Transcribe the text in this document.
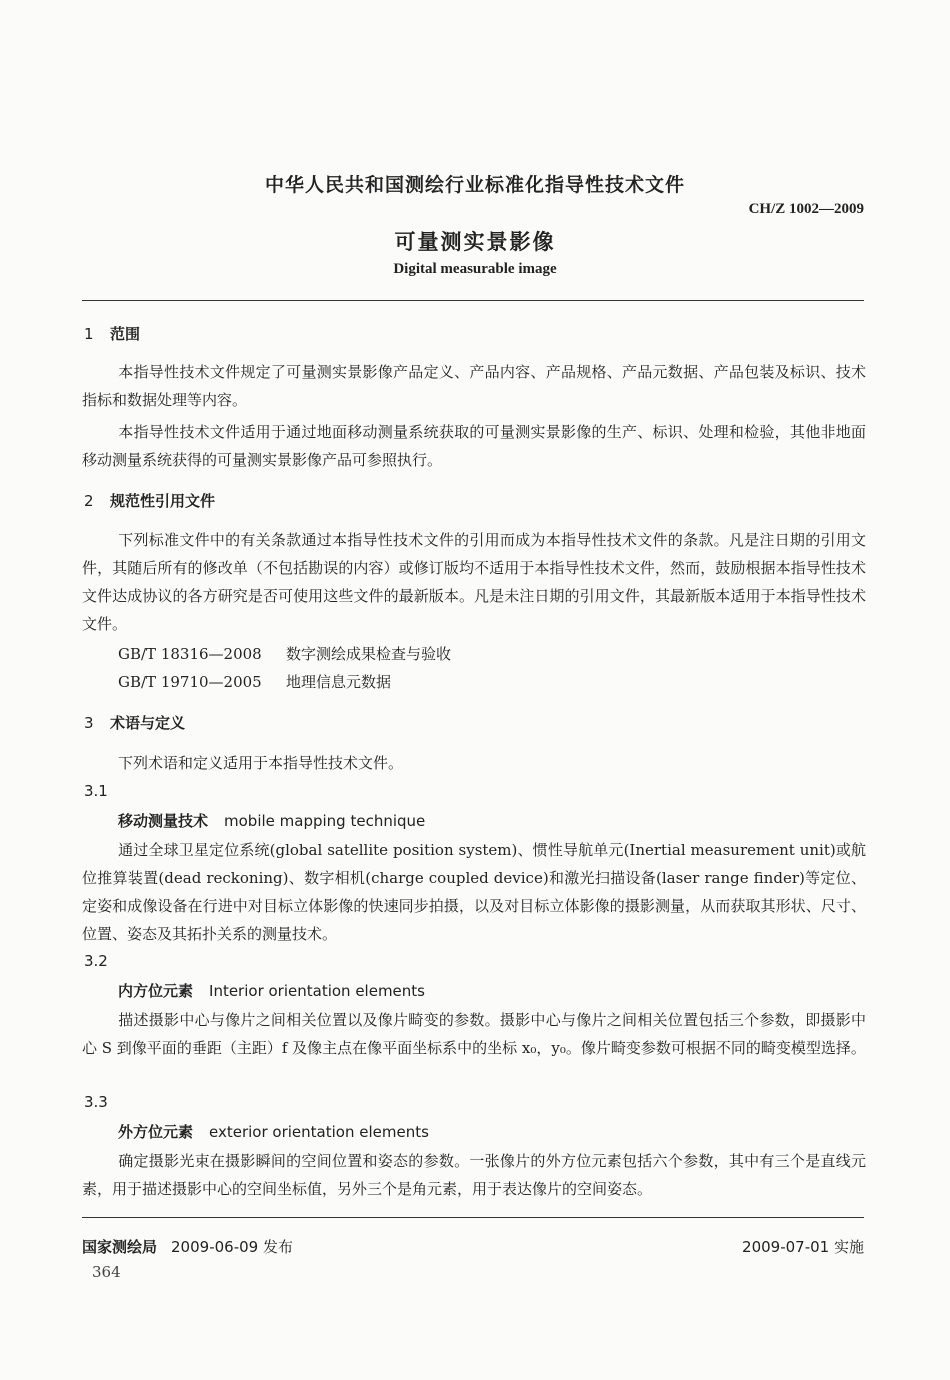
中华人民共和国测绘行业标准化指导性技术文件
CH/Z 1002—2009
可量测实景影像
Digital measurable image
1 范围
本指导性技术文件规定了可量测实景影像产品定义、产品内容、产品规格、产品元数据、产品包装及标识、技术指标和数据处理等内容。
本指导性技术文件适用于通过地面移动测量系统获取的可量测实景影像的生产、标识、处理和检验，其他非地面移动测量系统获得的可量测实景影像产品可参照执行。
2 规范性引用文件
下列标准文件中的有关条款通过本指导性技术文件的引用而成为本指导性技术文件的条款。凡是注日期的引用文件，其随后所有的修改单（不包括勘误的内容）或修订版均不适用于本指导性技术文件，然而，鼓励根据本指导性技术文件达成协议的各方研究是否可使用这些文件的最新版本。凡是未注日期的引用文件，其最新版本适用于本指导性技术文件。
GB/T 18316—2008 数字测绘成果检查与验收
GB/T 19710—2005 地理信息元数据
3 术语与定义
下列术语和定义适用于本指导性技术文件。
3.1
移动测量技术 mobile mapping technique
通过全球卫星定位系统(global satellite position system)、惯性导航单元(Inertial measurement unit)或航位推算装置(dead reckoning)、数字相机(charge coupled device)和激光扫描设备(laser range finder)等定位、定姿和成像设备在行进中对目标立体影像的快速同步拍摄，以及对目标立体影像的摄影测量，从而获取其形状、尺寸、位置、姿态及其拓扑关系的测量技术。
3.2
内方位元素 Interior orientation elements
描述摄影中心与像片之间相关位置以及像片畸变的参数。摄影中心与像片之间相关位置包括三个参数，即摄影中心 S 到像平面的垂距（主距）f 及像主点在像平面坐标系中的坐标 x₀，y₀。像片畸变参数可根据不同的畸变模型选择。
3.3
外方位元素 exterior orientation elements
确定摄影光束在摄影瞬间的空间位置和姿态的参数。一张像片的外方位元素包括六个参数，其中有三个是直线元素，用于描述摄影中心的空间坐标值，另外三个是角元素，用于表达像片的空间姿态。
国家测绘局 2009-06-09 发布	2009-07-01 实施
364
